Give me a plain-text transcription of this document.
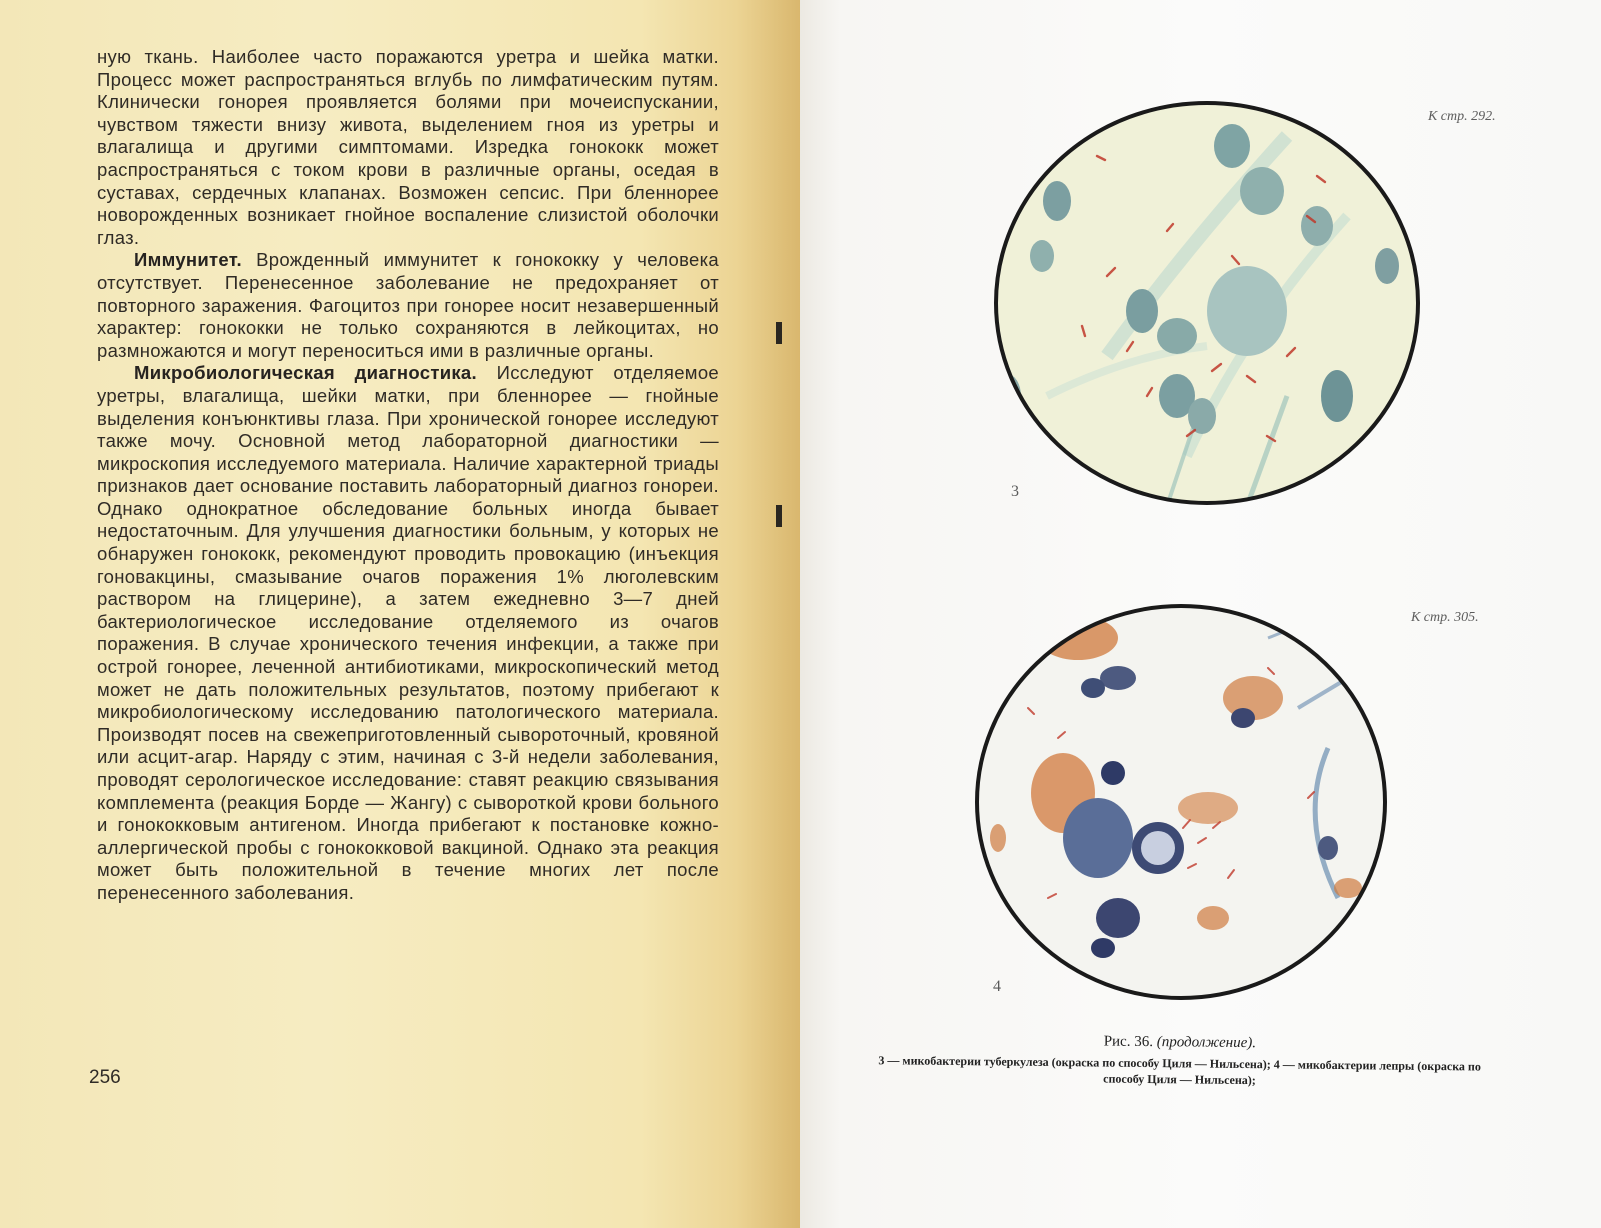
ную ткань. Наиболее часто поражаются уретра и шейка матки. Процесс может распространяться вглубь по лимфатическим путям. Клинически гонорея проявляется болями при мочеиспускании, чувством тяжести внизу живота, выделением гноя из уретры и влагалища и другими симптомами. Изредка гонококк может распространяться с током крови в различные органы, оседая в суставах, сердечных клапанах. Возможен сепсис. При бленнорее новорожденных возникает гнойное воспаление слизистой оболочки глаз.

Иммунитет. Врожденный иммунитет к гонококку у человека отсутствует. Перенесенное заболевание не предохраняет от повторного заражения. Фагоцитоз при гонорее носит незавершенный характер: гонококки не только сохраняются в лейкоцитах, но размножаются и могут переноситься ими в различные органы.

Микробиологическая диагностика. Исследуют отделяемое уретры, влагалища, шейки матки, при бленнорее — гнойные выделения конъюнктивы глаза. При хронической гонорее исследуют также мочу. Основной метод лабораторной диагностики — микроскопия исследуемого материала. Наличие характерной триады признаков дает основание поставить лабораторный диагноз гонореи. Однако однократное обследование больных иногда бывает недостаточным. Для улучшения диагностики больным, у которых не обнаружен гонококк, рекомендуют проводить провокацию (инъекция гоновакцины, смазывание очагов поражения 1% люголевским раствором на глицерине), а затем ежедневно 3—7 дней бактериологическое исследование отделяемого из очагов поражения. В случае хронического течения инфекции, а также при острой гонорее, леченной антибиотиками, микроскопический метод может не дать положительных результатов, поэтому прибегают к микробиологическому исследованию патологического материала. Производят посев на свежеприготовленный сывороточный, кровяной или асцит-агар. Наряду с этим, начиная с 3-й недели заболевания, проводят серологическое исследование: ставят реакцию связывания комплемента (реакция Борде — Жангу) с сывороткой крови больного и гонококковым антигеном. Иногда прибегают к постановке кожно-аллергической пробы с гонококковой вакциной. Однако эта реакция может быть положительной в течение многих лет после перенесенного заболевания.

256
К стр. 292.
К стр. 305.
3
4
Рис. 36. (продолжение).
3 — микобактерии туберкулеза (окраска по способу Циля — Нильсена); 4 — микобактерии лепры (окраска по способу Циля — Нильсена);
